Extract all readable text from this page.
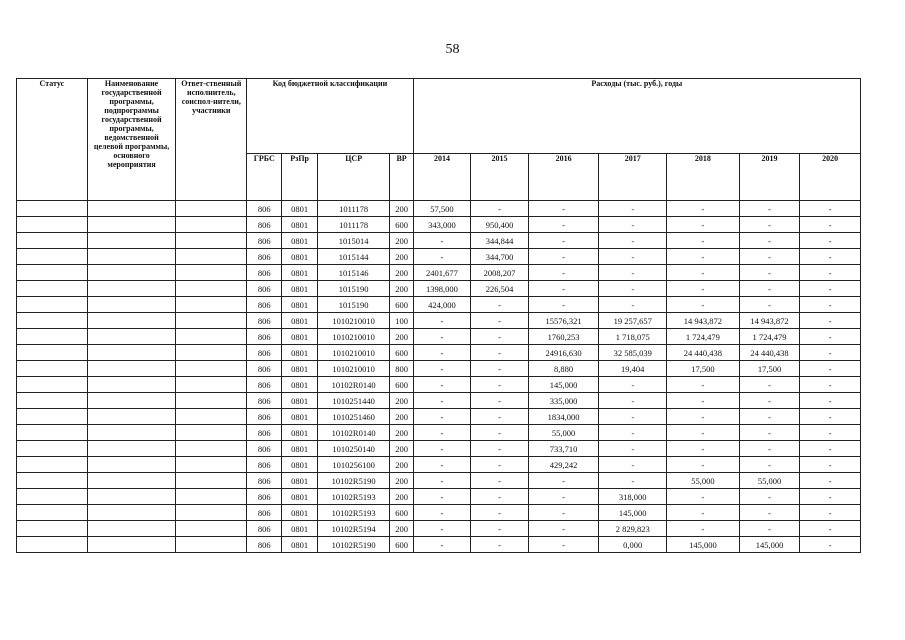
58
Статус	Наименование государственной программы, подпрограммы государственной программы, ведомственной целевой программы, основного мероприятия	Ответ-ственный исполнитель, соиспол-нители, участники	Код бюджетной классификации				Расходы (тыс. руб.), годы						
			ГРБС	РзПр	ЦСР	ВР	2014	2015	2016	2017	2018	2019	2020
			806	0801	1011178	200	57,500	-	-	-	-	-	-
			806	0801	1011178	600	343,000	950,400	-	-	-	-	-
			806	0801	1015014	200	-	344,844	-	-	-	-	-
			806	0801	1015144	200	-	344,700	-	-	-	-	-
			806	0801	1015146	200	2401,677	2008,207	-	-	-	-	-
			806	0801	1015190	200	1398,000	226,504	-	-	-	-	-
			806	0801	1015190	600	424,000	-	-	-	-	-	-
			806	0801	1010210010	100	-	-	15576,321	19 257,657	14 943,872	14 943,872	-
			806	0801	1010210010	200	-	-	1760,253	1 718,075	1 724,479	1 724,479	-
			806	0801	1010210010	600	-	-	24916,630	32 585,039	24 440,438	24 440,438	-
			806	0801	1010210010	800	-	-	8,880	19,404	17,500	17,500	-
			806	0801	10102R0140	600	-	-	145,000	-	-	-	-
			806	0801	1010251440	200	-	-	335,000	-	-	-	-
			806	0801	1010251460	200	-	-	1834,000	-	-	-	-
			806	0801	10102R0140	200	-	-	55,000	-	-	-	-
			806	0801	1010250140	200	-	-	733,710	-	-	-	-
			806	0801	1010256100	200	-	-	429,242	-	-	-	-
			806	0801	10102R5190	200	-	-	-	-	55,000	55,000	-
			806	0801	10102R5193	200	-	-	-	318,000	-	-	-
			806	0801	10102R5193	600	-	-	-	145,000	-	-	-
			806	0801	10102R5194	200	-	-	-	2 829,823	-	-	-
			806	0801	10102R5190	600	-	-	-	0,000	145,000	145,000	-
